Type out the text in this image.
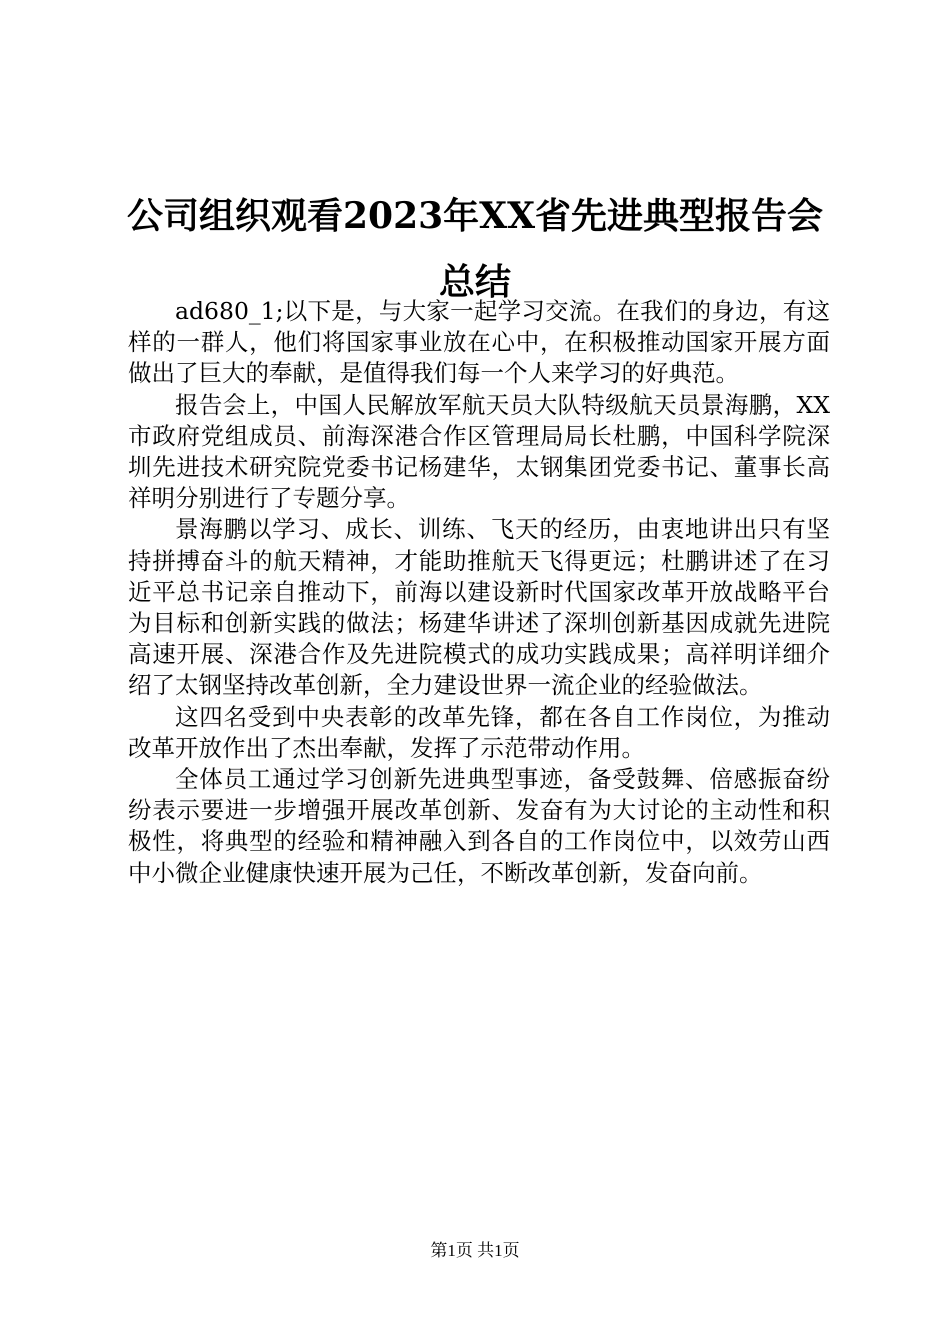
公司组织观看2023年XX省先进典型报告会总结

ad680_1;以下是，与大家一起学习交流。在我们的身边，有这样的一群人，他们将国家事业放在心中，在积极推动国家开展方面做出了巨大的奉献，是值得我们每一个人来学习的好典范。

报告会上，中国人民解放军航天员大队特级航天员景海鹏，XX市政府党组成员、前海深港合作区管理局局长杜鹏，中国科学院深圳先进技术研究院党委书记杨建华，太钢集团党委书记、董事长高祥明分别进行了专题分享。

景海鹏以学习、成长、训练、飞天的经历，由衷地讲出只有坚持拼搏奋斗的航天精神，才能助推航天飞得更远；杜鹏讲述了在习近平总书记亲自推动下，前海以建设新时代国家改革开放战略平台为目标和创新实践的做法；杨建华讲述了深圳创新基因成就先进院高速开展、深港合作及先进院模式的成功实践成果；高祥明详细介绍了太钢坚持改革创新，全力建设世界一流企业的经验做法。

这四名受到中央表彰的改革先锋，都在各自工作岗位，为推动改革开放作出了杰出奉献，发挥了示范带动作用。

全体员工通过学习创新先进典型事迹，备受鼓舞、倍感振奋纷纷表示要进一步增强开展改革创新、发奋有为大讨论的主动性和积极性，将典型的经验和精神融入到各自的工作岗位中，以效劳山西中小微企业健康快速开展为己任，不断改革创新，发奋向前。

第1页 共1页
